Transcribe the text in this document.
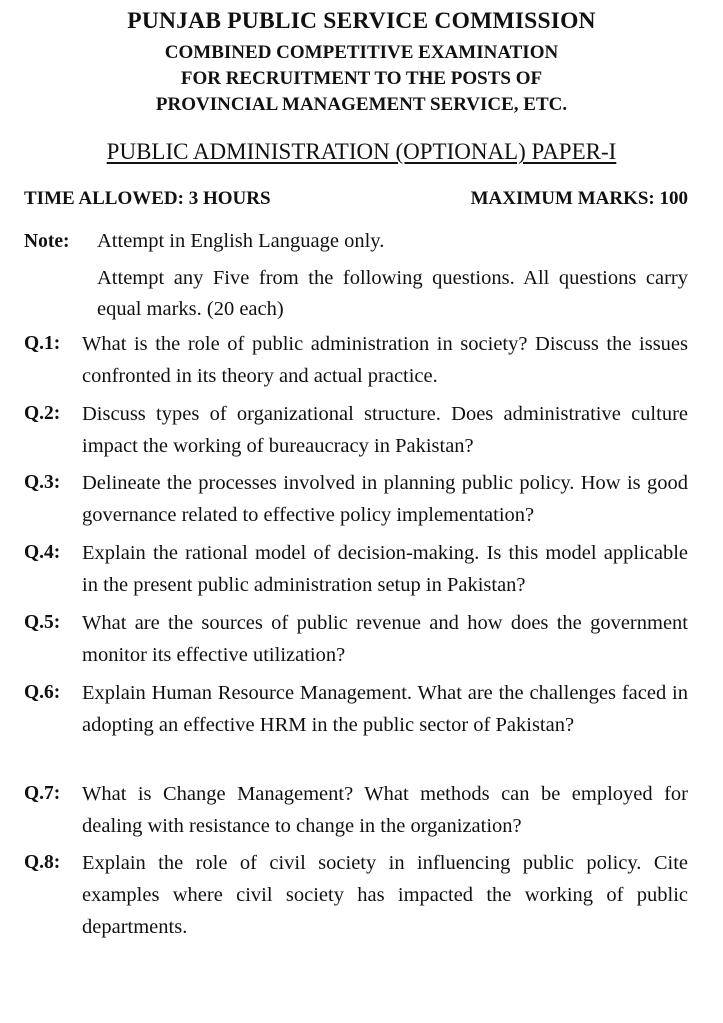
PUNJAB PUBLIC SERVICE COMMISSION
COMBINED COMPETITIVE EXAMINATION
FOR RECRUITMENT TO THE POSTS OF
PROVINCIAL MANAGEMENT SERVICE, ETC.
PUBLIC ADMINISTRATION (OPTIONAL) PAPER-I
TIME ALLOWED: 3 HOURS	MAXIMUM MARKS: 100
Note: Attempt in English Language only.

Attempt any Five from the following questions. All questions carry equal marks. (20 each)

Q.1: What is the role of public administration in society? Discuss the issues confronted in its theory and actual practice.

Q.2: Discuss types of organizational structure. Does administrative culture impact the working of bureaucracy in Pakistan?

Q.3: Delineate the processes involved in planning public policy. How is good governance related to effective policy implementation?

Q.4: Explain the rational model of decision-making. Is this model applicable in the present public administration setup in Pakistan?

Q.5: What are the sources of public revenue and how does the government monitor its effective utilization?

Q.6: Explain Human Resource Management. What are the challenges faced in adopting an effective HRM in the public sector of Pakistan?

Q.7: What is Change Management? What methods can be employed for dealing with resistance to change in the organization?

Q.8: Explain the role of civil society in influencing public policy. Cite examples where civil society has impacted the working of public departments.
